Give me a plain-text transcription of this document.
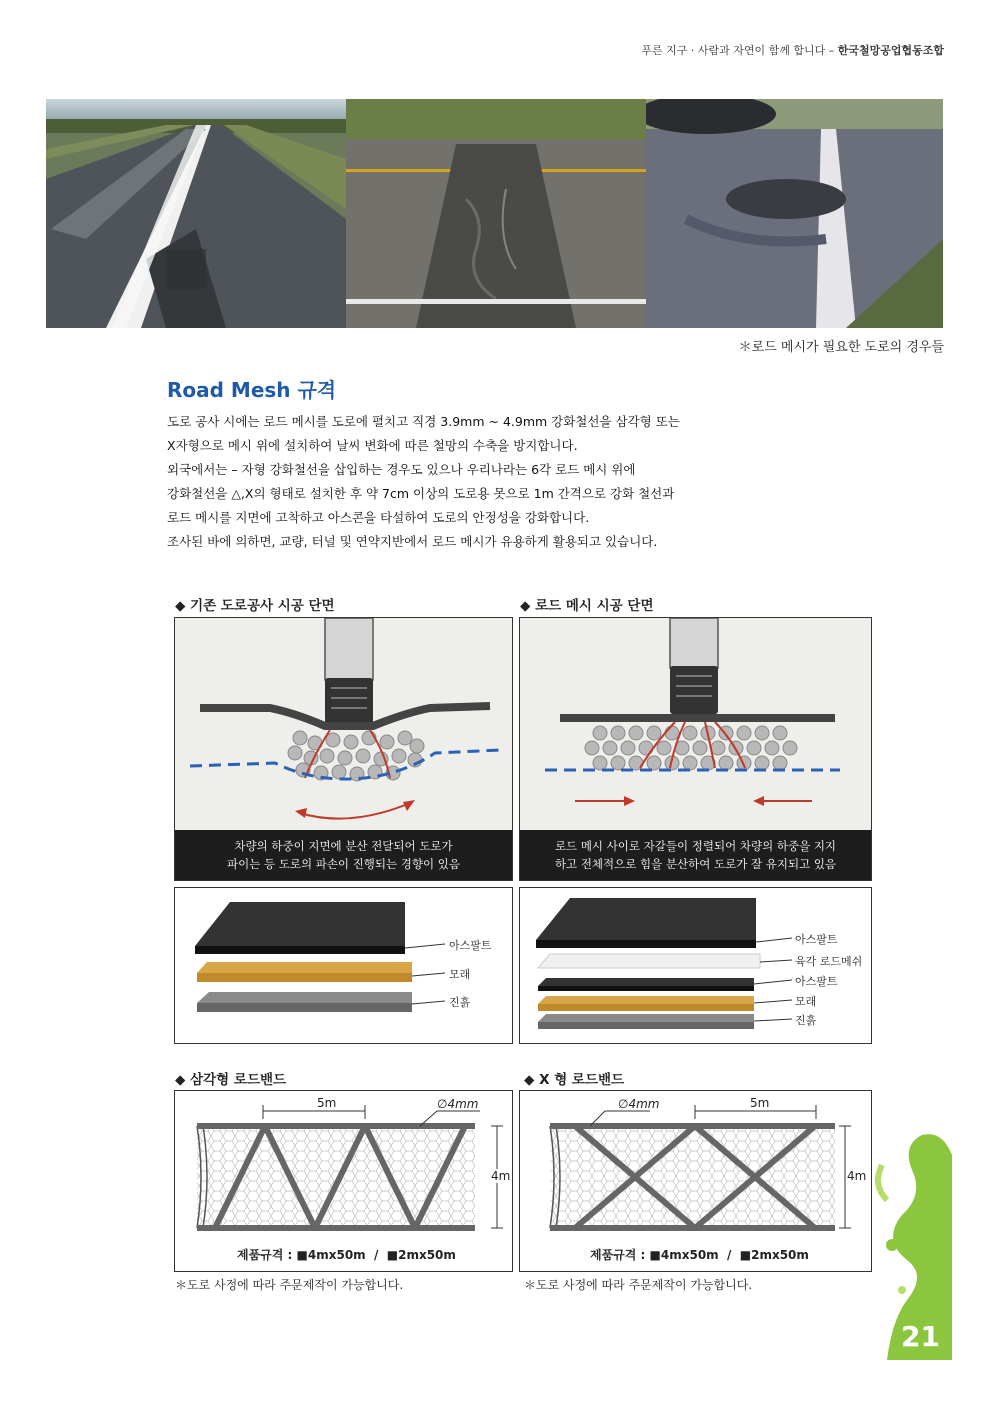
푸른 지구 · 사람과 자연이 함께 합니다 – 한국철망공업협동조합
＊로드 메시가 필요한 도로의 경우들
Road Mesh 규격
도로 공사 시에는 로드 메시를 도로에 펼치고 직경 3.9mm ~ 4.9mm 강화철선을 삼각형 또는
X자형으로 메시 위에 설치하여 날씨 변화에 따른 철망의 수축을 방지합니다.
외국에서는 – 자형 강화철선을 삽입하는 경우도 있으나 우리나라는 6각 로드 메시 위에
강화철선을 △,X의 형태로 설치한 후 약 7cm 이상의 도로용 못으로 1m 간격으로 강화 철선과
로드 메시를 지면에 고착하고 아스콘을 타설하여 도로의 안정성을 강화합니다.
조사된 바에 의하면, 교량, 터널 및 연약지반에서 로드 메시가 유용하게 활용되고 있습니다.
◆ 기존 도로공사 시공 단면
차량의 하중이 지면에 분산 전달되어 도로가
파이는 등 도로의 파손이 진행되는 경향이 있음
◆ 로드 메시 시공 단면
로드 메시 사이로 자갈들이 정렬되어 차량의 하중을 지지
하고 전체적으로 힘을 분산하여 도로가 잘 유지되고 있음
아스팔트
모래
진흙
아스팔트
육각 로드메쉬
아스팔트
모래
진흙
◆ 삼각형 로드밴드
5m	∅4mm
4m
제품규격 : ■4mx50m  /  ■2mx50m
＊도로 사정에 따라 주문제작이 가능합니다.
◆ X 형 로드밴드
5m
∅4mm
4m
제품규격 : ■4mx50m  /  ■2mx50m
＊도로 사정에 따라 주문제작이 가능합니다.
21
